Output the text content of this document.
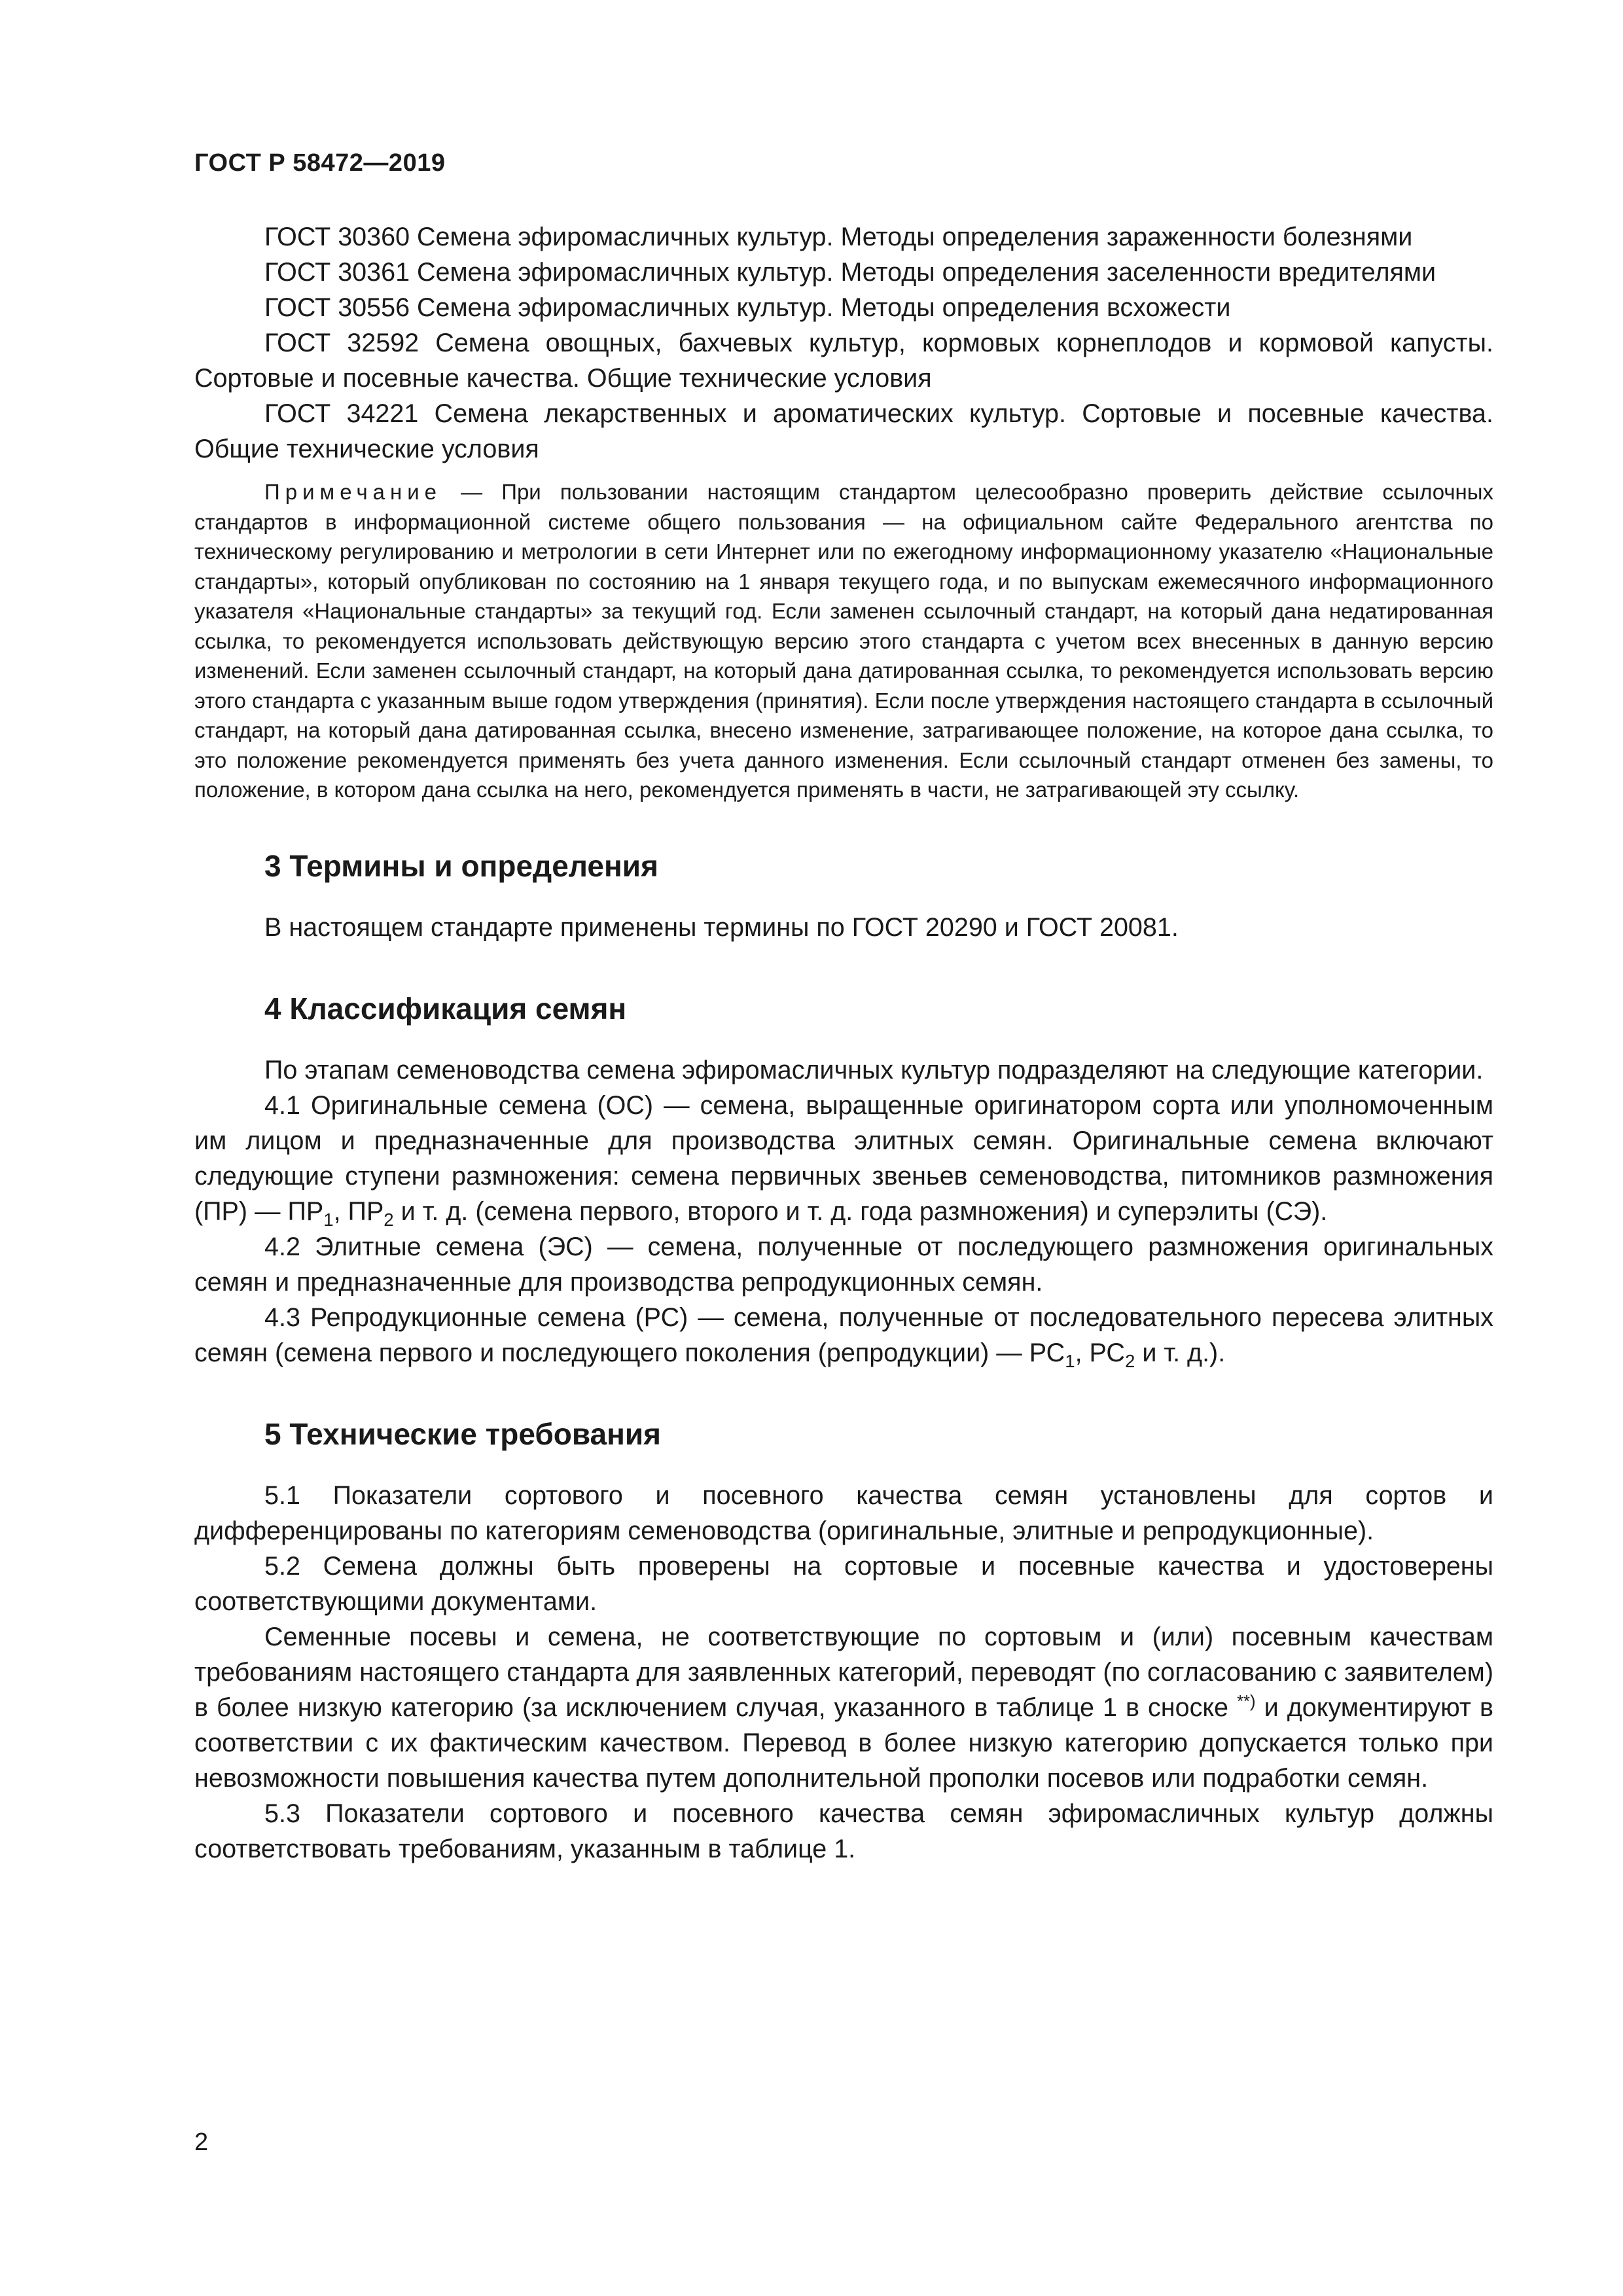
ГОСТ Р 58472—2019

ГОСТ 30360 Семена эфиромасличных культур. Методы определения зараженности болезнями

ГОСТ 30361 Семена эфиромасличных культур. Методы определения заселенности вредителями

ГОСТ 30556 Семена эфиромасличных культур. Методы определения всхожести

ГОСТ 32592 Семена овощных, бахчевых культур, кормовых корнеплодов и кормовой капусты. Сортовые и посевные качества. Общие технические условия

ГОСТ 34221 Семена лекарственных и ароматических культур. Сортовые и посевные качества. Общие технические условия

Примечание — При пользовании настоящим стандартом целесообразно проверить действие ссылочных стандартов в информационной системе общего пользования — на официальном сайте Федерального агентства по техническому регулированию и метрологии в сети Интернет или по ежегодному информационному указателю «Национальные стандарты», который опубликован по состоянию на 1 января текущего года, и по выпускам ежемесячного информационного указателя «Национальные стандарты» за текущий год. Если заменен ссылочный стандарт, на который дана недатированная ссылка, то рекомендуется использовать действующую версию этого стандарта с учетом всех внесенных в данную версию изменений. Если заменен ссылочный стандарт, на который дана датированная ссылка, то рекомендуется использовать версию этого стандарта с указанным выше годом утверждения (принятия). Если после утверждения настоящего стандарта в ссылочный стандарт, на который дана датированная ссылка, внесено изменение, затрагивающее положение, на которое дана ссылка, то это положение рекомендуется применять без учета данного изменения. Если ссылочный стандарт отменен без замены, то положение, в котором дана ссылка на него, рекомендуется применять в части, не затрагивающей эту ссылку.

3 Термины и определения

В настоящем стандарте применены термины по ГОСТ 20290 и ГОСТ 20081.

4 Классификация семян

По этапам семеноводства семена эфиромасличных культур подразделяют на следующие категории.

4.1 Оригинальные семена (ОС) — семена, выращенные оригинатором сорта или уполномоченным им лицом и предназначенные для производства элитных семян. Оригинальные семена включают следующие ступени размножения: семена первичных звеньев семеноводства, питомников размножения (ПР) — $ПР_1$, $ПР_2$ и т. д. (семена первого, второго и т. д. года размножения) и суперэлиты (СЭ).

4.2 Элитные семена (ЭС) — семена, полученные от последующего размножения оригинальных семян и предназначенные для производства репродукционных семян.

4.3 Репродукционные семена (РС) — семена, полученные от последовательного пересева элитных семян (семена первого и последующего поколения (репродукции) — $РС_1$, $РС_2$ и т. д.).

5 Технические требования

5.1 Показатели сортового и посевного качества семян установлены для сортов и дифференцированы по категориям семеноводства (оригинальные, элитные и репродукционные).

5.2 Семена должны быть проверены на сортовые и посевные качества и удостоверены соответствующими документами.

Семенные посевы и семена, не соответствующие по сортовым и (или) посевным качествам требованиям настоящего стандарта для заявленных категорий, переводят (по согласованию с заявителем) в более низкую категорию (за исключением случая, указанного в таблице 1 в сноске **) и документируют в соответствии с их фактическим качеством. Перевод в более низкую категорию допускается только при невозможности повышения качества путем дополнительной прополки посевов или подработки семян.

5.3 Показатели сортового и посевного качества семян эфиромасличных культур должны соответствовать требованиям, указанным в таблице 1.

2
